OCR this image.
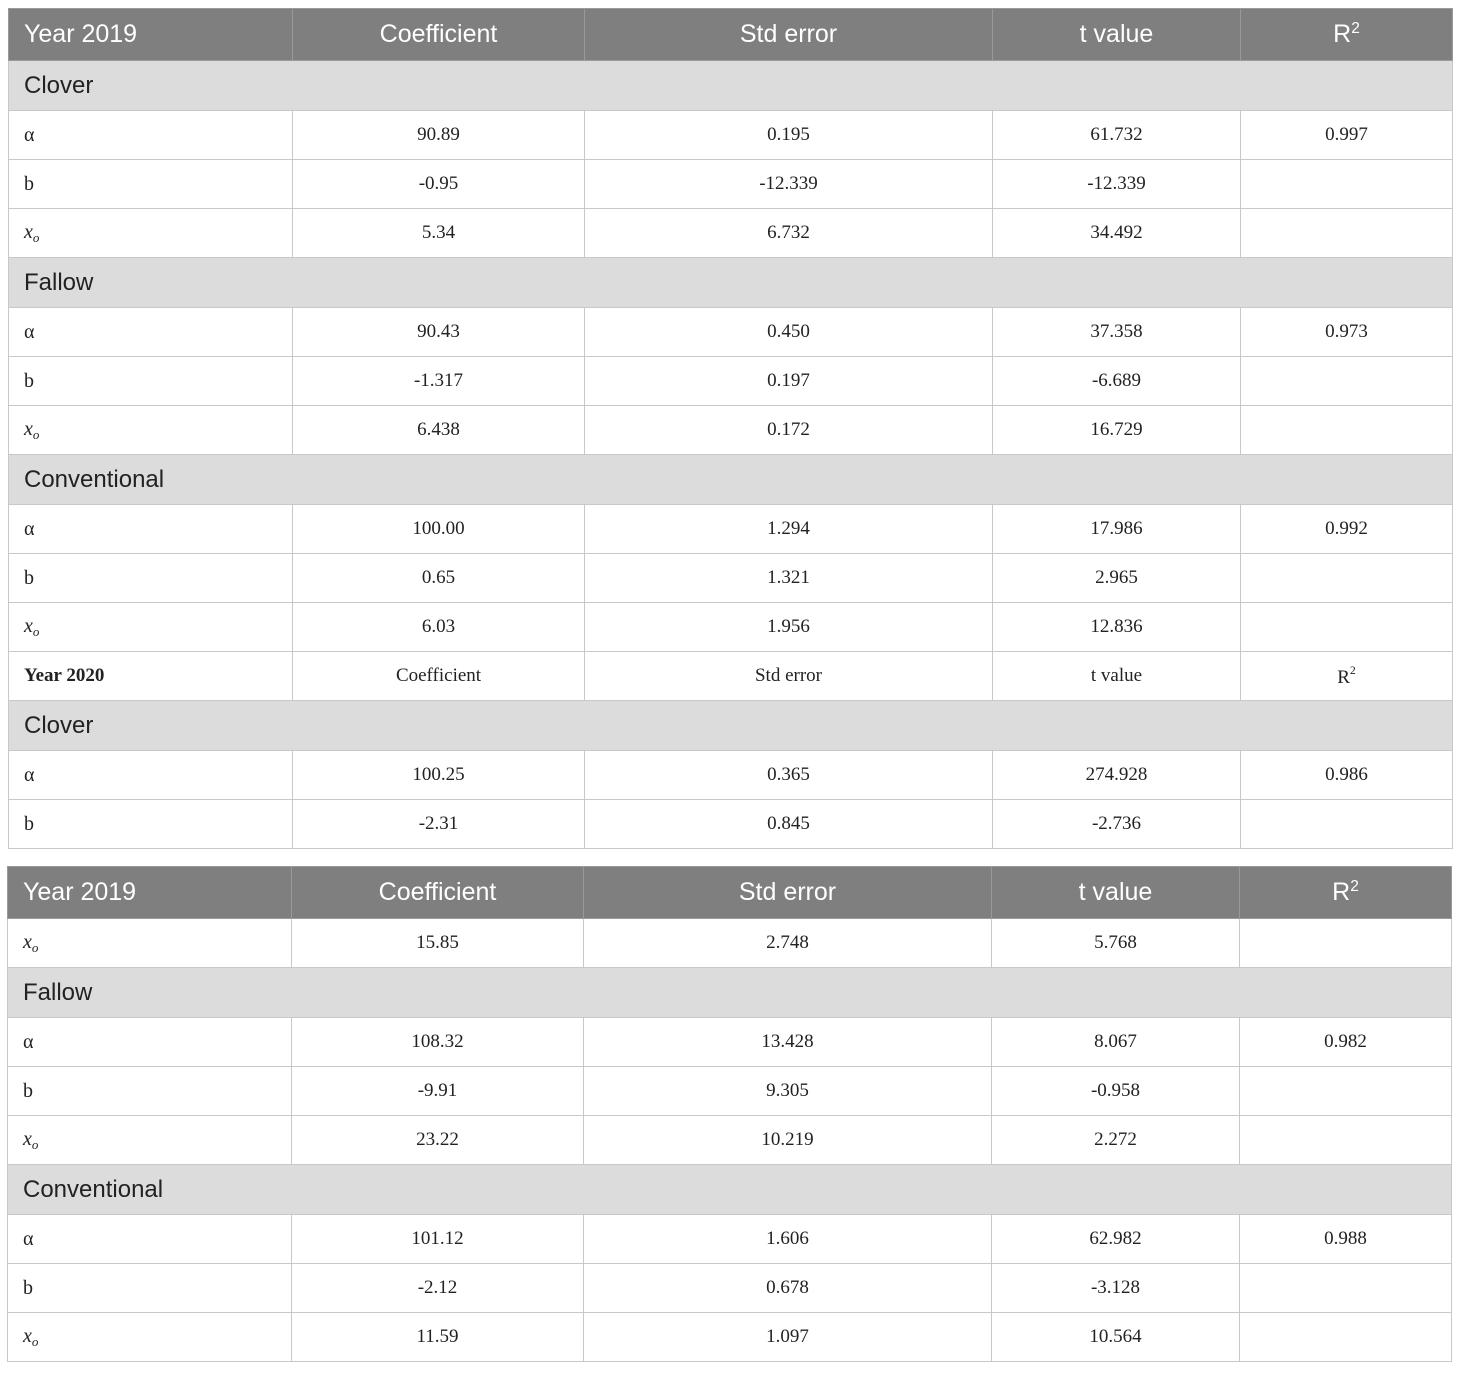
Year 2019	Coefficient	Std error	t value	$R^2$
Clover				
α	90.89	0.195	61.732	0.997
b	-0.95	-12.339	-12.339	
$x_o$	5.34	6.732	34.492	
Fallow				
α	90.43	0.450	37.358	0.973
b	-1.317	0.197	-6.689	
$x_o$	6.438	0.172	16.729	
Conventional				
α	100.00	1.294	17.986	0.992
b	0.65	1.321	2.965	
$x_o$	6.03	1.956	12.836	
Year 2020	Coefficient	Std error	t value	$R^2$
Clover				
α	100.25	0.365	274.928	0.986
b	-2.31	0.845	-2.736	
Year 2019	Coefficient	Std error	t value	$R^2$
$x_o$	15.85	2.748	5.768	
Fallow				
α	108.32	13.428	8.067	0.982
b	-9.91	9.305	-0.958	
$x_o$	23.22	10.219	2.272	
Conventional				
α	101.12	1.606	62.982	0.988
b	-2.12	0.678	-3.128	
$x_o$	11.59	1.097	10.564	
